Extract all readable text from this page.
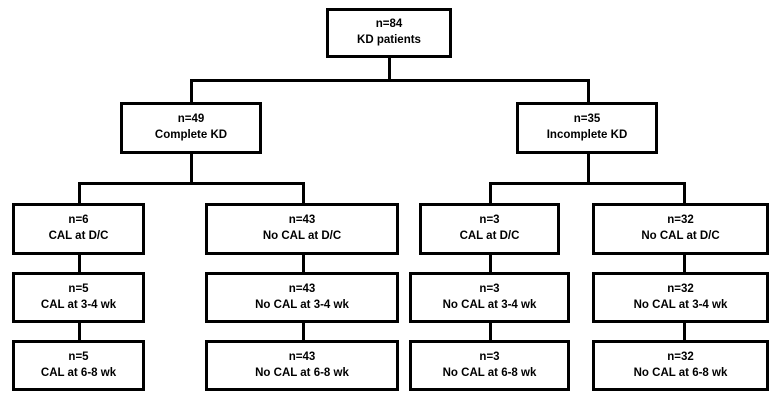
n=84
KD patients
n=49
Complete KD
n=35
Incomplete KD
n=6
CAL at D/C
n=43
No CAL at D/C
n=3
CAL at D/C
n=32
No CAL at D/C
n=5
CAL at 3-4 wk
n=43
No CAL at 3-4 wk
n=3
No CAL at 3-4 wk
n=32
No CAL at 3-4 wk
n=5
CAL at 6-8 wk
n=43
No CAL at 6-8 wk
n=3
No CAL at 6-8 wk
n=32
No CAL at 6-8 wk
